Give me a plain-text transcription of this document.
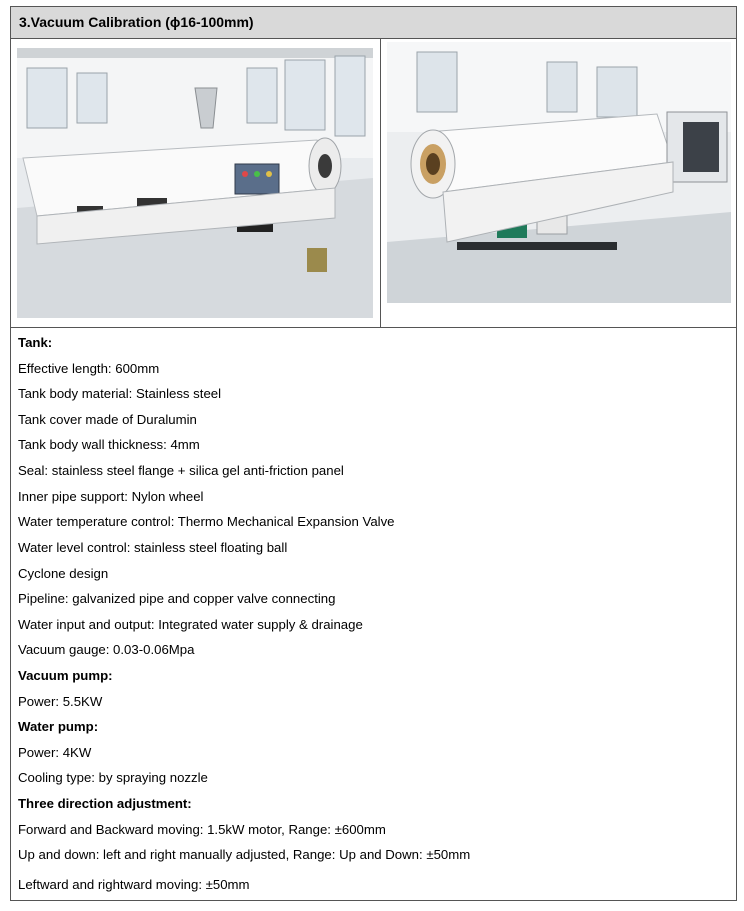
3.Vacuum Calibration (ϕ16-100mm)
Tank:
Effective length: 600mm
Tank body material: Stainless steel
Tank cover made of Duralumin
Tank body wall thickness: 4mm
Seal: stainless steel flange + silica gel anti-friction panel
Inner pipe support: Nylon wheel
Water temperature control: Thermo Mechanical Expansion Valve
Water level control: stainless steel floating ball
Cyclone design
Pipeline: galvanized pipe and copper valve connecting
Water input and output: Integrated water supply & drainage
Vacuum gauge: 0.03-0.06Mpa
Vacuum pump:
Power: 5.5KW
Water pump:
Power: 4KW
Cooling type: by spraying nozzle
Three direction adjustment:
Forward and Backward moving: 1.5kW motor, Range: ±600mm
Up and down: left and right manually adjusted, Range: Up and Down: ±50mm
Leftward and rightward moving: ±50mm
